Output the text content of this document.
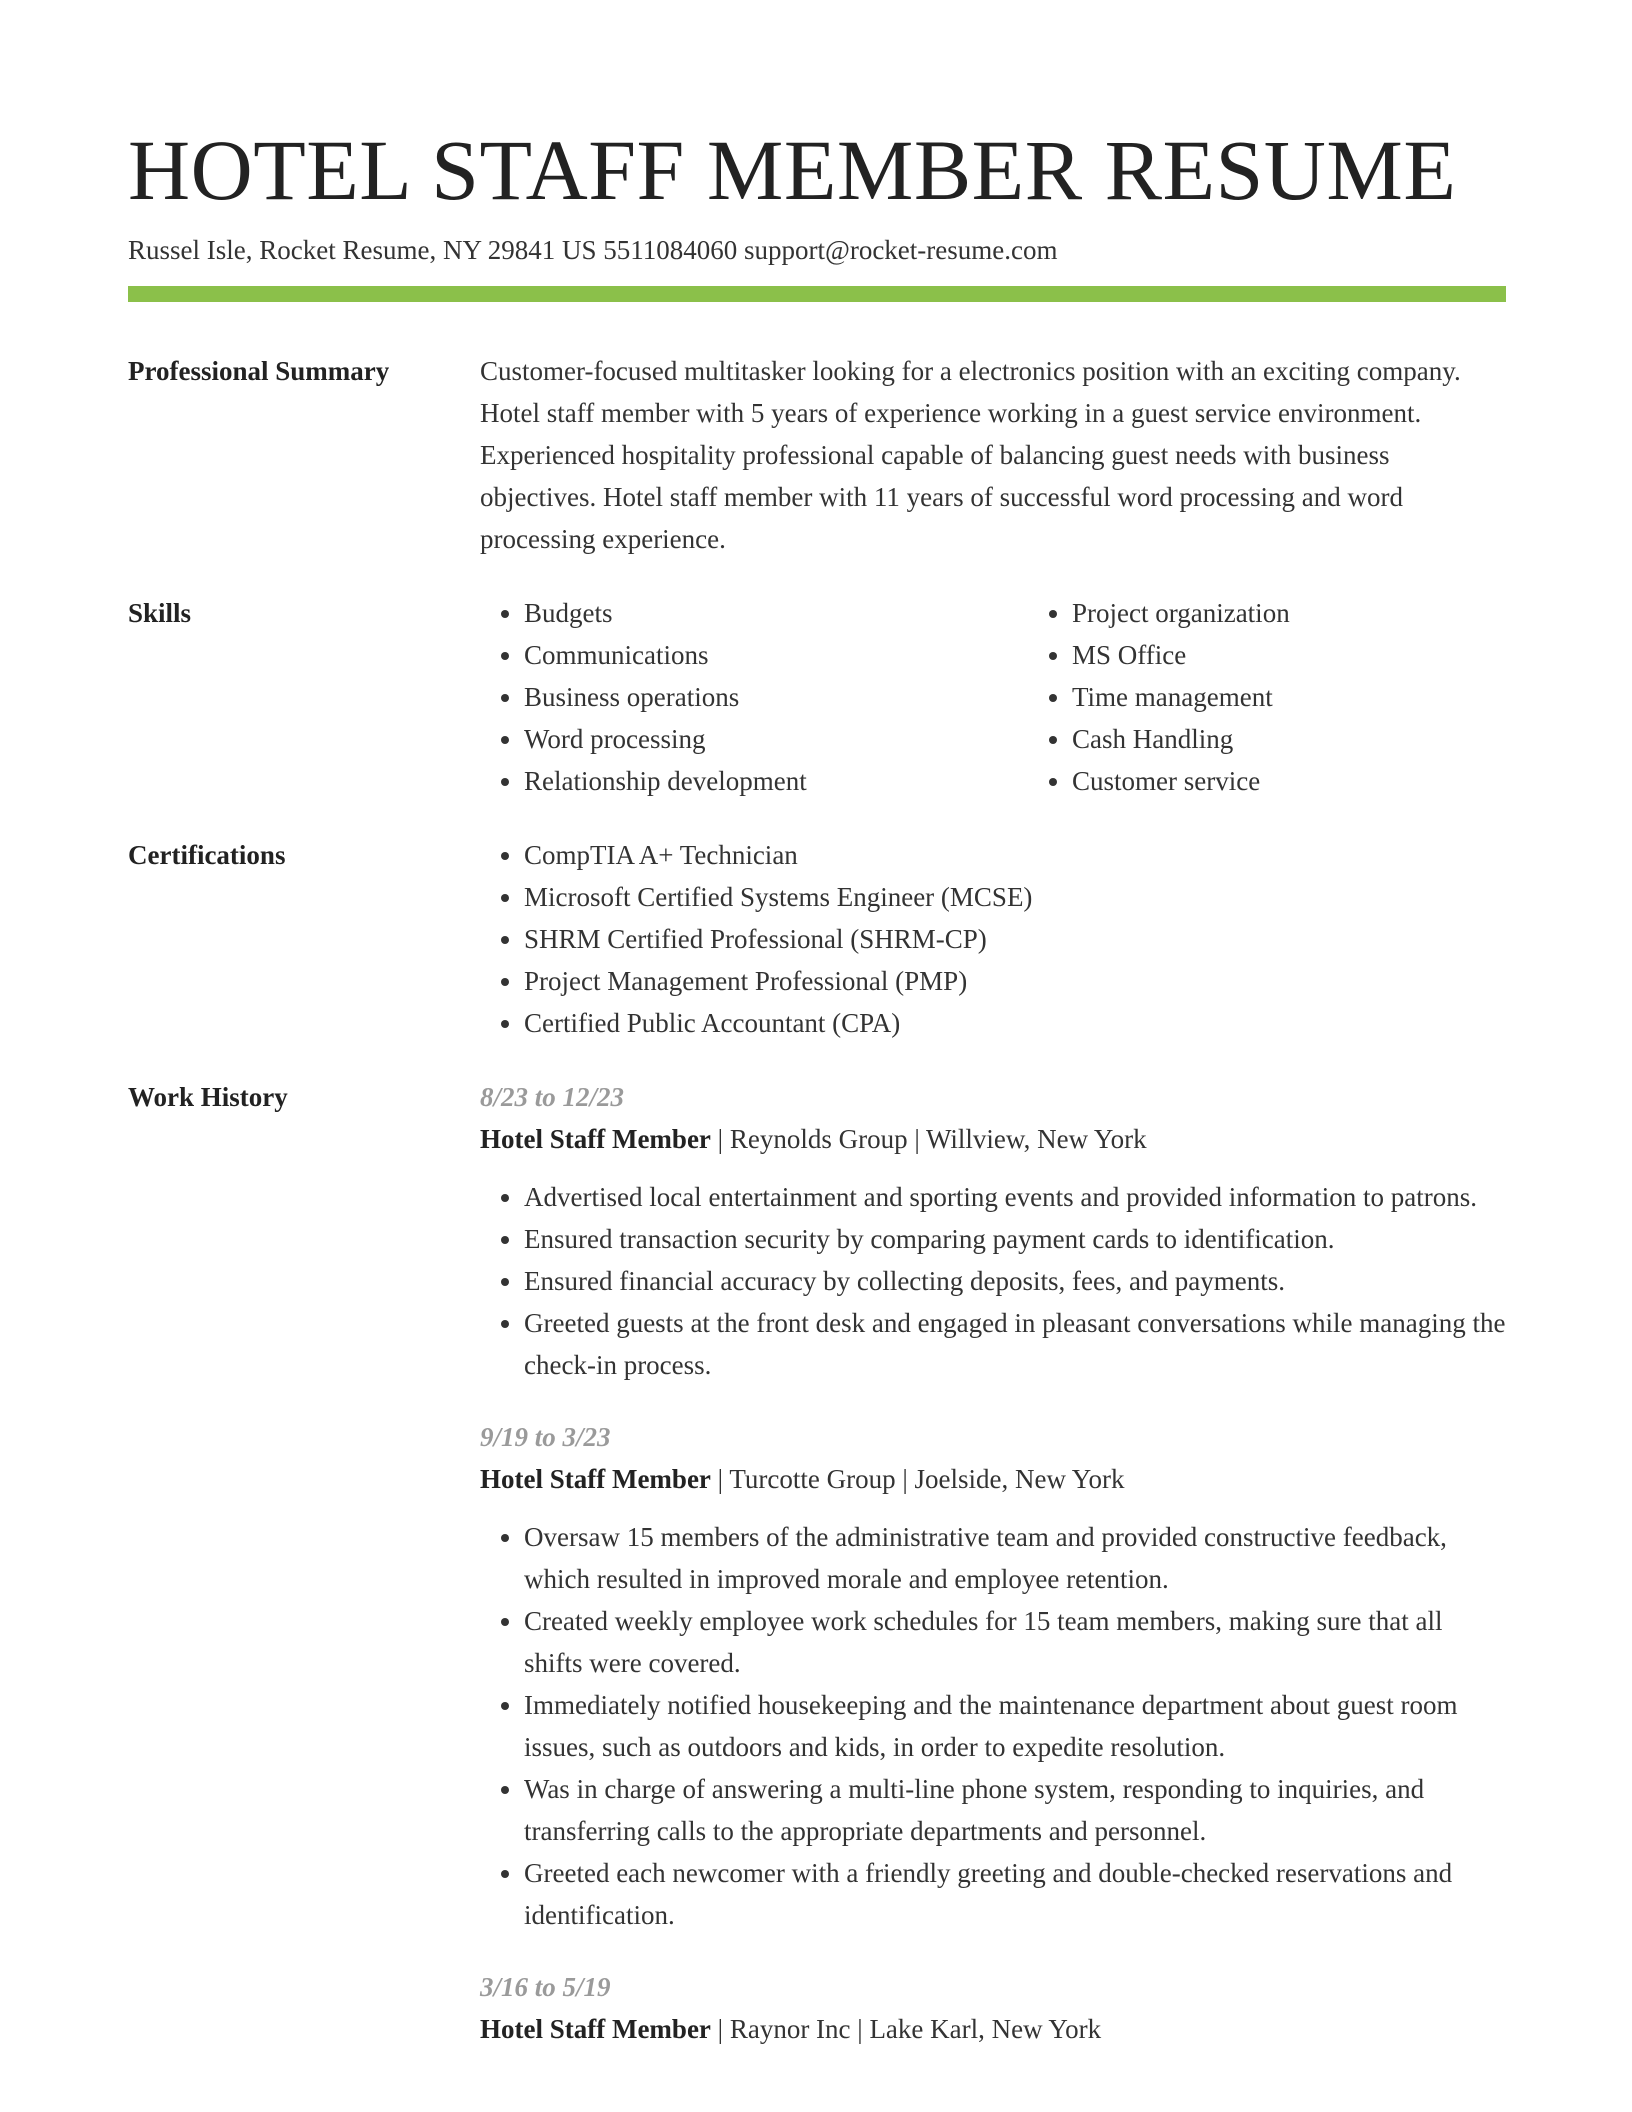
HOTEL STAFF MEMBER RESUME
Russel Isle, Rocket Resume, NY 29841 US 5511084060 support@rocket-resume.com
Professional Summary	Customer-focused multitasker looking for a electronics position with an exciting company. Hotel staff member with 5 years of experience working in a guest service environment. Experienced hospitality professional capable of balancing guest needs with business objectives. Hotel staff member with 11 years of successful word processing and word processing experience.

Skills	• Budgets
• Communications
• Business operations
• Word processing
• Relationship development
• Project organization
• MS Office
• Time management
• Cash Handling
• Customer service
Certifications	• CompTIA A+ Technician
• Microsoft Certified Systems Engineer (MCSE)
• SHRM Certified Professional (SHRM-CP)
• Project Management Professional (PMP)
• Certified Public Accountant (CPA)
Work History	8/23 to 12/23
Hotel Staff Member | Reynolds Group | Willview, New York
• Advertised local entertainment and sporting events and provided information to patrons.
• Ensured transaction security by comparing payment cards to identification.
• Ensured financial accuracy by collecting deposits, fees, and payments.
• Greeted guests at the front desk and engaged in pleasant conversations while managing the check-in process.
9/19 to 3/23
Hotel Staff Member | Turcotte Group | Joelside, New York
• Oversaw 15 members of the administrative team and provided constructive feedback, which resulted in improved morale and employee retention.
• Created weekly employee work schedules for 15 team members, making sure that all shifts were covered.
• Immediately notified housekeeping and the maintenance department about guest room issues, such as outdoors and kids, in order to expedite resolution.
• Was in charge of answering a multi-line phone system, responding to inquiries, and transferring calls to the appropriate departments and personnel.
• Greeted each newcomer with a friendly greeting and double-checked reservations and identification.
3/16 to 5/19
Hotel Staff Member | Raynor Inc | Lake Karl, New York
